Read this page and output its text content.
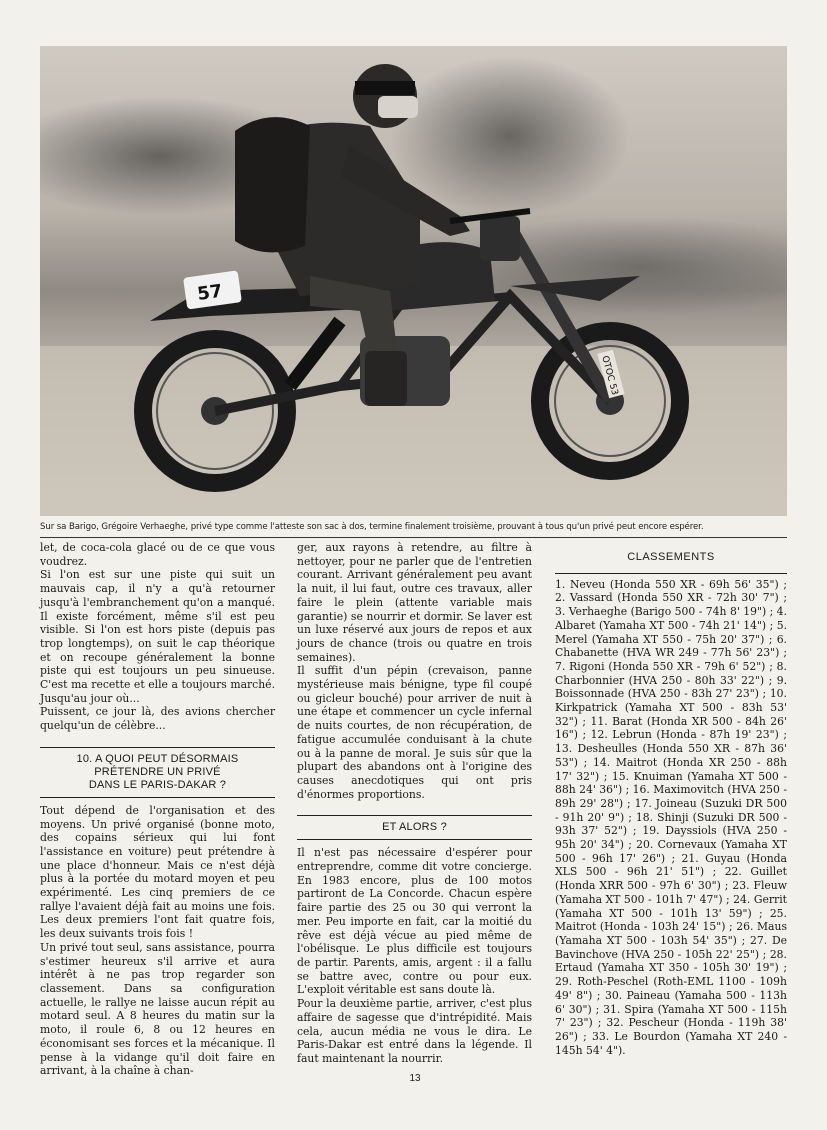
57
OTOC 53
Sur sa Barigo, Grégoire Verhaeghe, privé type comme l'atteste son sac à dos, termine finalement troisième, prouvant à tous qu'un privé peut encore espérer.

let, de coca-cola glacé ou de ce que vous voudrez.

Si l'on est sur une piste qui suit un mauvais cap, il n'y a qu'à retourner jusqu'à l'embranchement qu'on a manqué. Il existe forcément, même s'il est peu visible. Si l'on est hors piste (depuis pas trop longtemps), on suit le cap théorique et on recoupe généralement la bonne piste qui est toujours un peu sinueuse. C'est ma recette et elle a toujours marché. Jusqu'au jour où...

Puissent, ce jour là, des avions chercher quelqu'un de célèbre...

10. A QUOI PEUT DÉSORMAIS
PRÉTENDRE UN PRIVÉ
DANS LE PARIS-DAKAR ?

Tout dépend de l'organisation et des moyens. Un privé organisé (bonne moto, des copains sérieux qui lui font l'assistance en voiture) peut prétendre à une place d'honneur. Mais ce n'est déjà plus à la portée du motard moyen et peu expérimenté. Les cinq premiers de ce rallye l'avaient déjà fait au moins une fois. Les deux premiers l'ont fait quatre fois, les deux suivants trois fois !

Un privé tout seul, sans assistance, pourra s'estimer heureux s'il arrive et aura intérêt à ne pas trop regarder son classement. Dans sa configuration actuelle, le rallye ne laisse aucun répit au motard seul. A 8 heures du matin sur la moto, il roule 6, 8 ou 12 heures en économisant ses forces et la mécanique. Il pense à la vidange qu'il doit faire en arrivant, à la chaîne à chan-

ger, aux rayons à retendre, au filtre à nettoyer, pour ne parler que de l'entretien courant. Arrivant généralement peu avant la nuit, il lui faut, outre ces travaux, aller faire le plein (attente variable mais garantie) se nourrir et dormir. Se laver est un luxe réservé aux jours de repos et aux jours de chance (trois ou quatre en trois semaines).

Il suffit d'un pépin (crevaison, panne mystérieuse mais bénigne, type fil coupé ou gicleur bouché) pour arriver de nuit à une étape et commencer un cycle infernal de nuits courtes, de non récupération, de fatigue accumulée conduisant à la chute ou à la panne de moral. Je suis sûr que la plupart des abandons ont à l'origine des causes anecdotiques qui ont pris d'énormes proportions.

ET ALORS ?

Il n'est pas nécessaire d'espérer pour entreprendre, comme dit votre concierge. En 1983 encore, plus de 100 motos partiront de La Concorde. Chacun espère faire partie des 25 ou 30 qui verront la mer. Peu importe en fait, car la moitié du rêve est déjà vécue au pied même de l'obélisque. Le plus difficile est toujours de partir. Parents, amis, argent : il a fallu se battre avec, contre ou pour eux. L'exploit véritable est sans doute là.

Pour la deuxième partie, arriver, c'est plus affaire de sagesse que d'intrépidité. Mais cela, aucun média ne vous le dira. Le Paris-Dakar est entré dans la légende. Il faut maintenant la nourrir.

CLASSEMENTS
1. Neveu (Honda 550 XR - 69h 56' 35") ; 2. Vassard (Honda 550 XR - 72h 30' 7") ; 3. Verhaeghe (Barigo 500 - 74h 8' 19") ; 4. Albaret (Yamaha XT 500 - 74h 21' 14") ; 5. Merel (Yamaha XT 550 - 75h 20' 37") ; 6. Chabanette (HVA WR 249 - 77h 56' 23") ; 7. Rigoni (Honda 550 XR - 79h 6' 52") ; 8. Charbonnier (HVA 250 - 80h 33' 22") ; 9. Boissonnade (HVA 250 - 83h 27' 23") ; 10. Kirkpatrick (Yamaha XT 500 - 83h 53' 32") ; 11. Barat (Honda XR 500 - 84h 26' 16") ; 12. Lebrun (Honda - 87h 19' 23") ; 13. Desheulles (Honda 550 XR - 87h 36' 53") ; 14. Maitrot (Honda XR 250 - 88h 17' 32") ; 15. Knuiman (Yamaha XT 500 - 88h 24' 36") ; 16. Maximovitch (HVA 250 - 89h 29' 28") ; 17. Joineau (Suzuki DR 500 - 91h 20' 9") ; 18. Shinji (Suzuki DR 500 - 93h 37' 52") ; 19. Dayssiols (HVA 250 - 95h 20' 34") ; 20. Cornevaux (Yamaha XT 500 - 96h 17' 26") ; 21. Guyau (Honda XLS 500 - 96h 21' 51") ; 22. Guillet (Honda XRR 500 - 97h 6' 30") ; 23. Fleuw (Yamaha XT 500 - 101h 7' 47") ; 24. Gerrit (Yamaha XT 500 - 101h 13' 59") ; 25. Maitrot (Honda - 103h 24' 15") ; 26. Maus (Yamaha XT 500 - 103h 54' 35") ; 27. De Bavinchove (HVA 250 - 105h 22' 25") ; 28. Ertaud (Yamaha XT 350 - 105h 30' 19") ; 29. Roth-Peschel (Roth-EML 1100 - 109h 49' 8") ; 30. Paineau (Yamaha 500 - 113h 6' 30") ; 31. Spira (Yamaha XT 500 - 115h 7' 23") ; 32. Pescheur (Honda - 119h 38' 26") ; 33. Le Bourdon (Yamaha XT 240 - 145h 54' 4").
13
